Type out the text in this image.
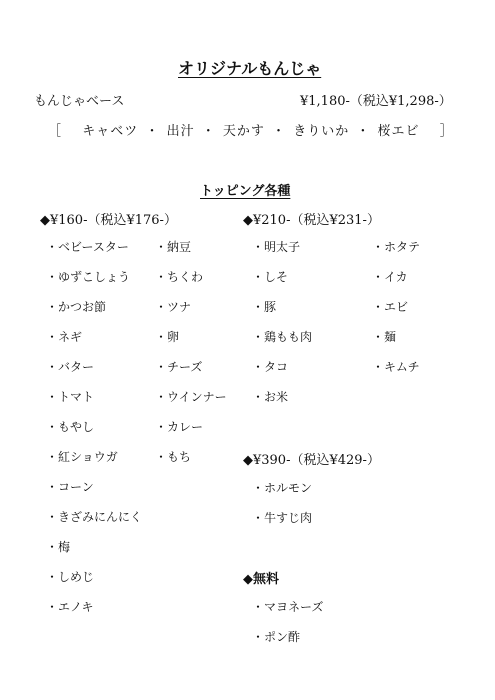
オリジナルもんじゃ
もんじゃベース	¥1,180-（税込¥1,298-）
［ キャベツ ・ 出汁 ・ 天かす ・ きりいか ・ 桜エビ ］
トッピング各種
◆¥160-（税込¥176-）	◆¥210-（税込¥231-）
◆¥390-（税込¥429-）
◆無料
・ベビースター
・ゆずこしょう
・かつお節
・ネギ
・バター
・トマト
・もやし
・紅ショウガ
・コーン
・きざみにんにく
・梅
・しめじ
・エノキ
・納豆
・ちくわ
・ツナ
・卵
・チーズ
・ウインナー
・カレー
・もち
・明太子
・しそ
・豚
・鶏もも肉
・タコ
・お米
・ホタテ
・イカ
・エビ
・麺
・キムチ
・ホルモン
・牛すじ肉
・マヨネーズ
・ポン酢
